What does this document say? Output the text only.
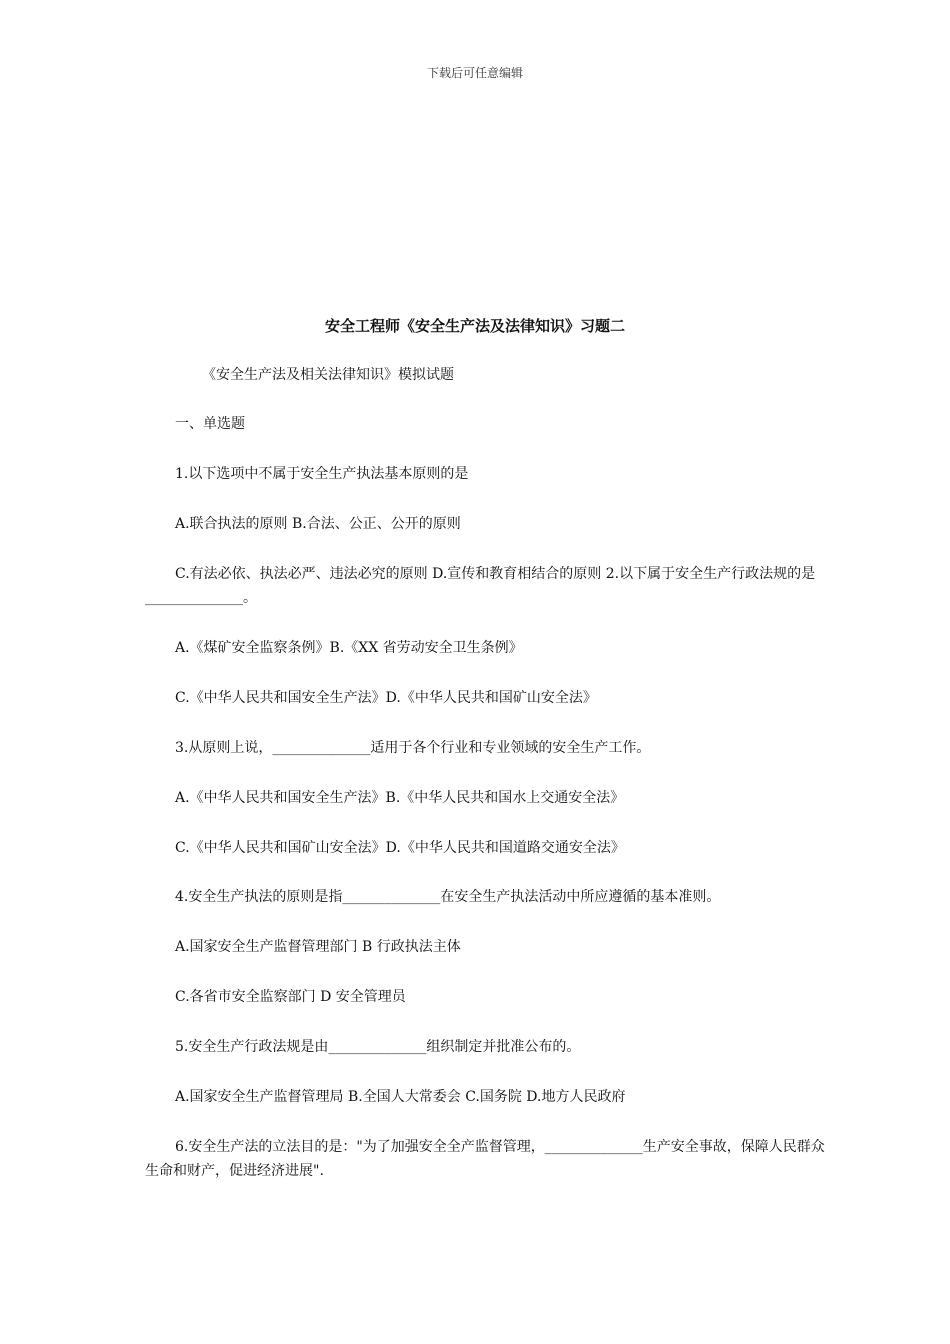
下载后可任意编辑
安全工程师《安全生产法及法律知识》习题二
《安全生产法及相关法律知识》模拟试题
一、单选题
1.以下选项中不属于安全生产执法基本原则的是
A.联合执法的原则 B.合法、公正、公开的原则
C.有法必依、执法必严、违法必究的原则 D.宣传和教育相结合的原则 2.以下属于安全生产行政法规的是______________。
A.《煤矿安全监察条例》B.《XX 省劳动安全卫生条例》
C.《中华人民共和国安全生产法》D.《中华人民共和国矿山安全法》
3.从原则上说，______________适用于各个行业和专业领域的安全生产工作。
A.《中华人民共和国安全生产法》B.《中华人民共和国水上交通安全法》
C.《中华人民共和国矿山安全法》D.《中华人民共和国道路交通安全法》
4.安全生产执法的原则是指______________在安全生产执法活动中所应遵循的基本准则。
A.国家安全生产监督管理部门 B 行政执法主体
C.各省市安全监察部门 D 安全管理员
5.安全生产行政法规是由______________组织制定并批准公布的。
A.国家安全生产监督管理局 B.全国人大常委会 C.国务院 D.地方人民政府
6.安全生产法的立法目的是："为了加强安全全产监督管理，______________生产安全事故，保障人民群众生命和财产，促进经济进展".
